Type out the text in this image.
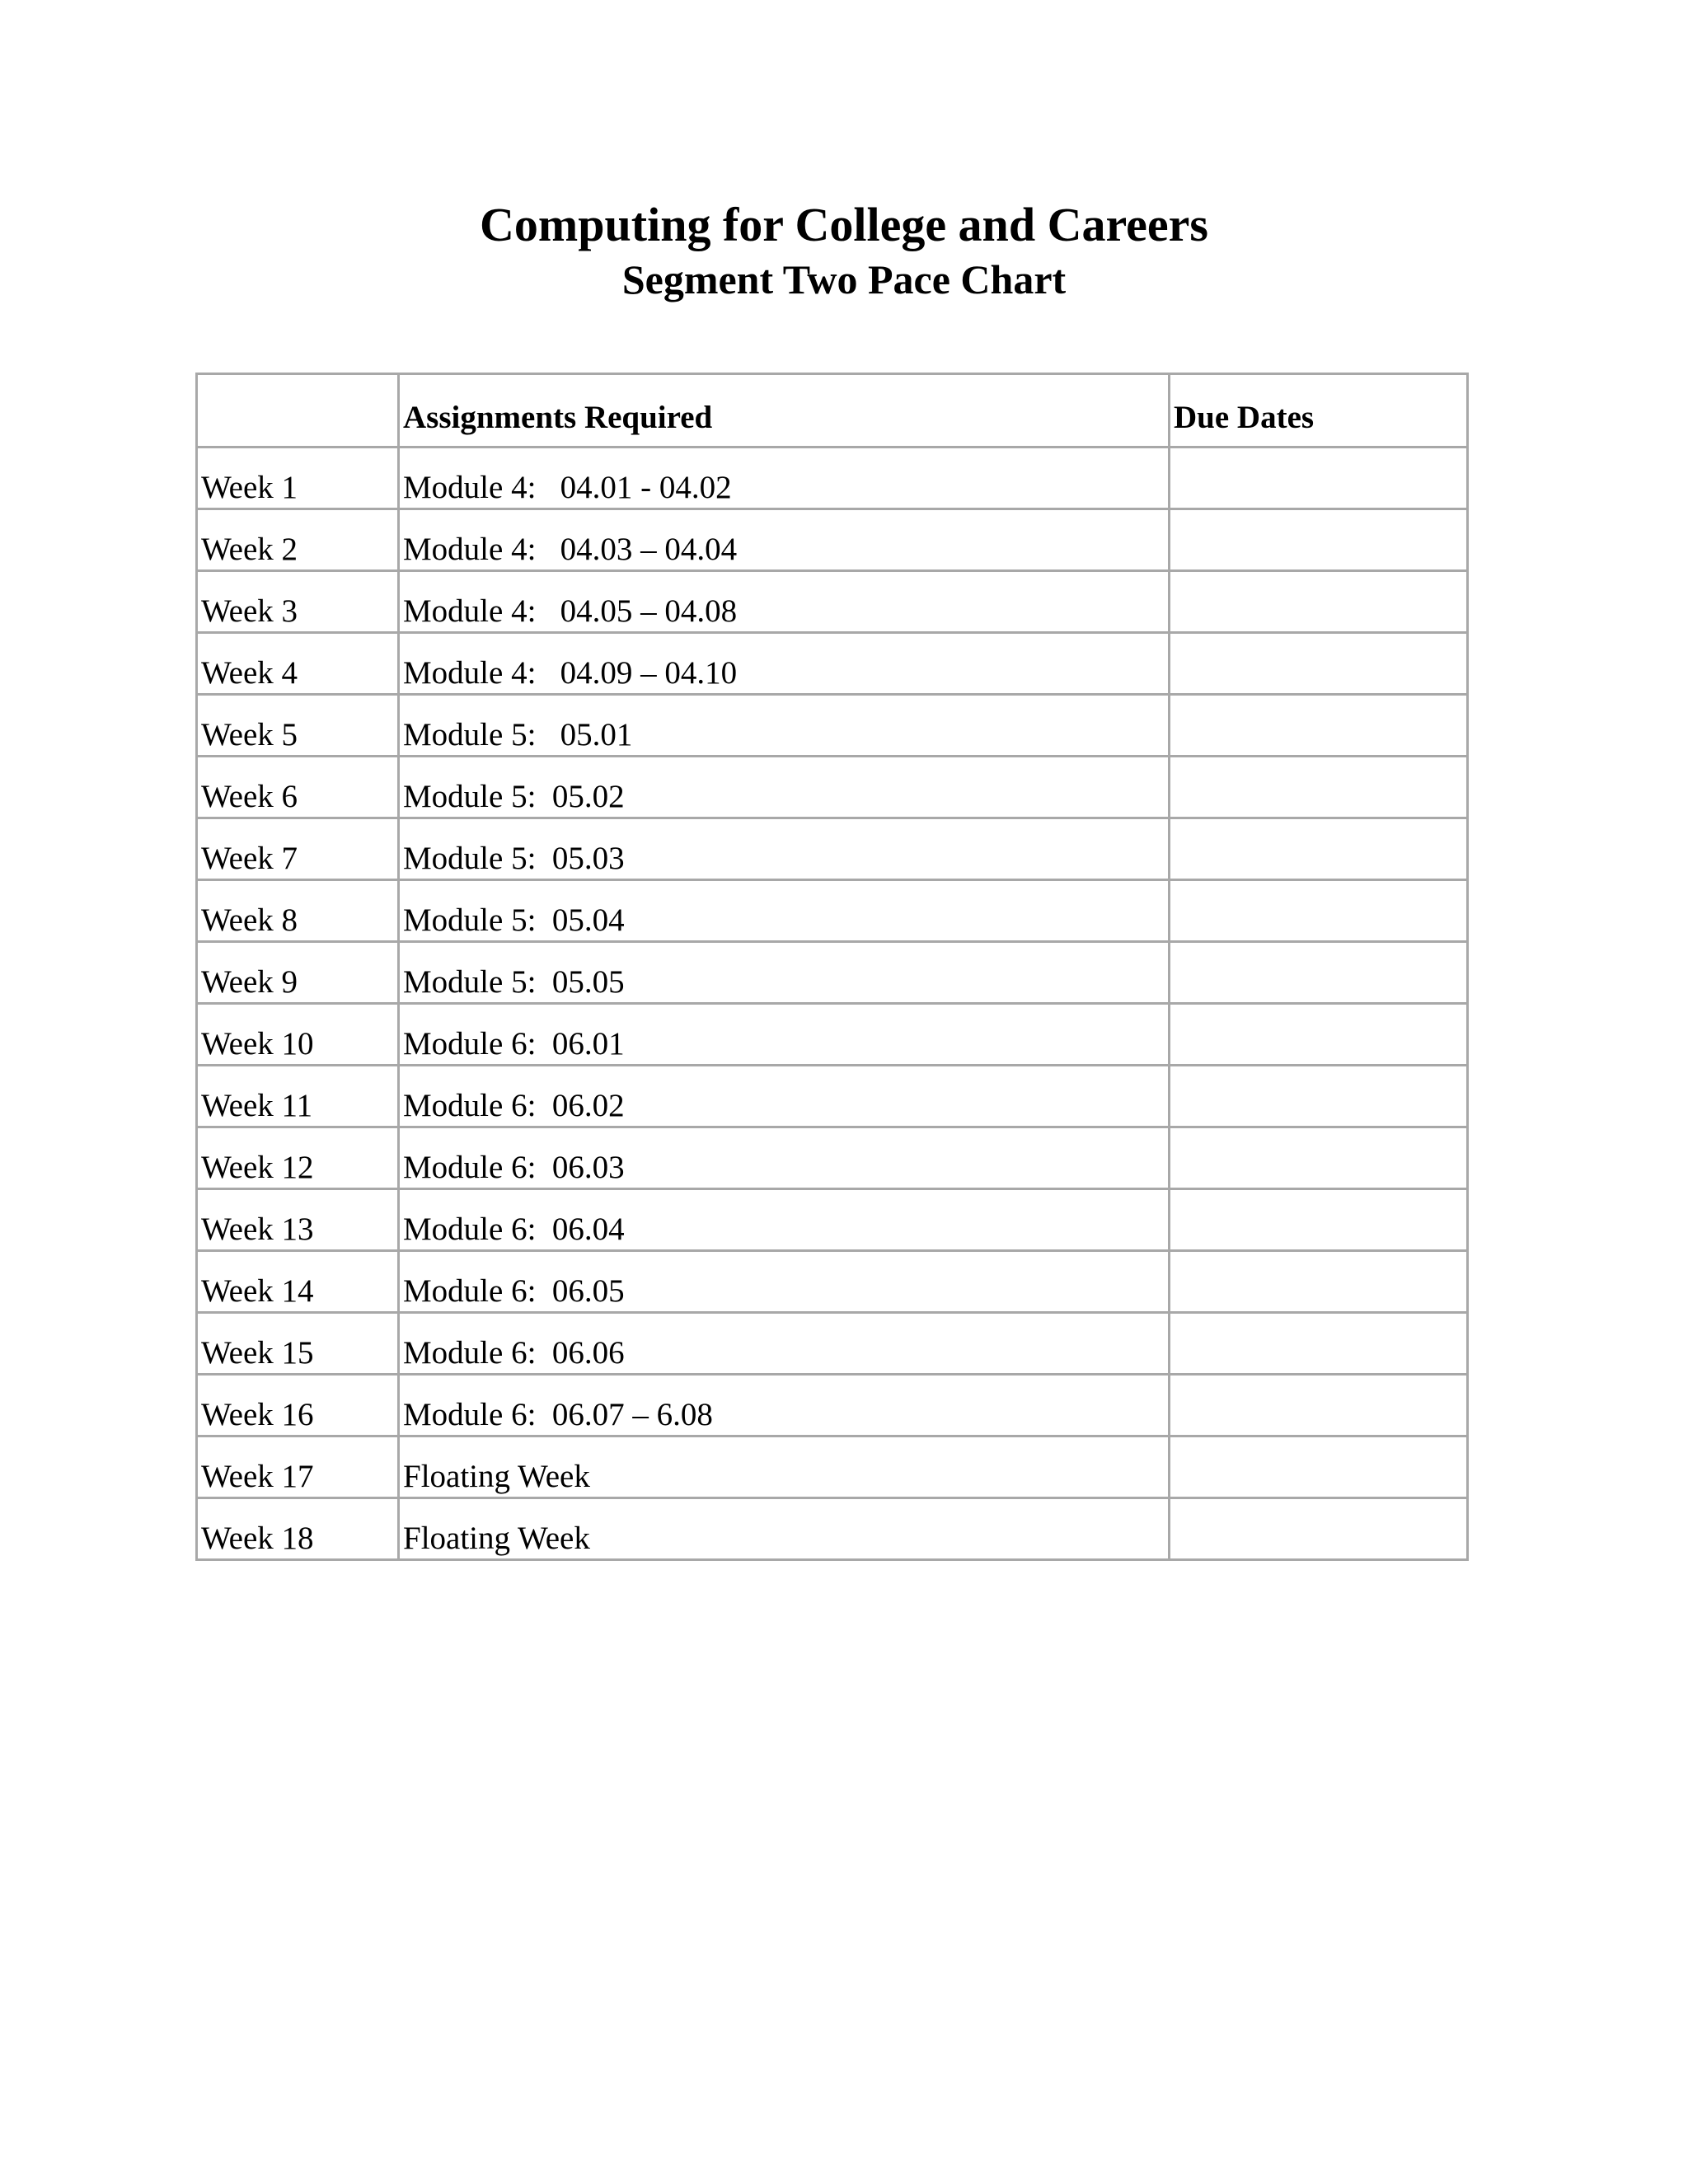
Computing for College and Careers
Segment Two Pace Chart
	Assignments Required	Due Dates
Week 1	Module 4:   04.01 - 04.02	
Week 2	Module 4:   04.03 – 04.04	
Week 3	Module 4:   04.05 – 04.08	
Week 4	Module 4:   04.09 – 04.10	
Week 5	Module 5:   05.01	
Week 6	Module 5:  05.02	
Week 7	Module 5:  05.03	
Week 8	Module 5:  05.04	
Week 9	Module 5:  05.05	
Week 10	Module 6:  06.01	
Week 11	Module 6:  06.02	
Week 12	Module 6:  06.03	
Week 13	Module 6:  06.04	
Week 14	Module 6:  06.05	
Week 15	Module 6:  06.06	
Week 16	Module 6:  06.07 – 6.08	
Week 17	Floating Week	
Week 18	Floating Week	
